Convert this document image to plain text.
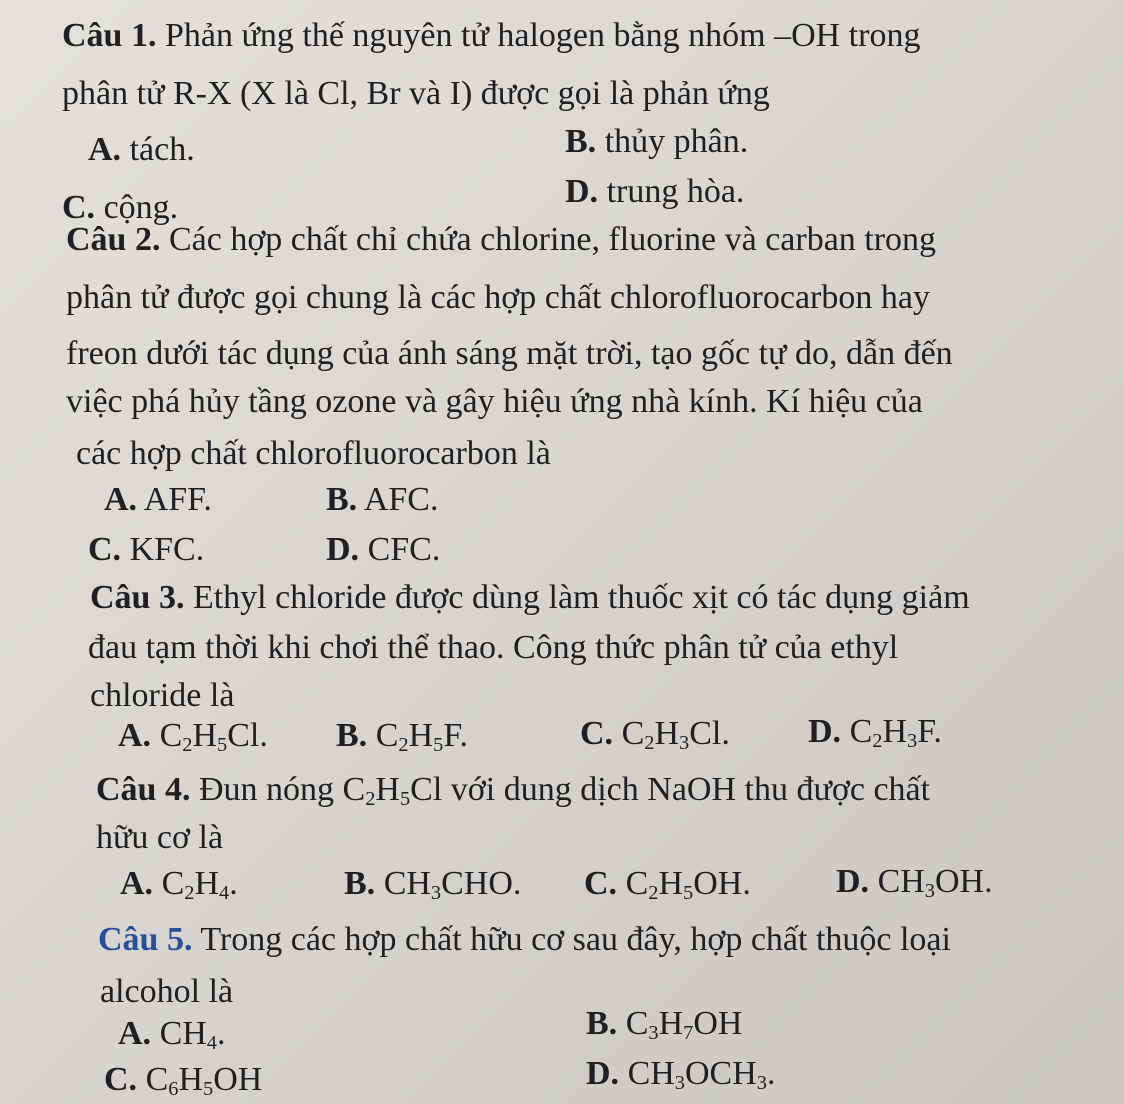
Câu 1. Phản ứng thế nguyên tử halogen bằng nhóm –OH trong
phân tử R-X (X là Cl, Br và I) được gọi là phản ứng
A. tách.	B. thủy phân.
C. cộng.	D. trung hòa.
Câu 2. Các hợp chất chỉ chứa chlorine, fluorine và carban trong
phân tử được gọi chung là các hợp chất chlorofluorocarbon hay
freon dưới tác dụng của ánh sáng mặt trời, tạo gốc tự do, dẫn đến
việc phá hủy tầng ozone và gây hiệu ứng nhà kính. Kí hiệu của
các hợp chất chlorofluorocarbon là
A. AFF.	B. AFC.
C. KFC.	D. CFC.
Câu 3. Ethyl chloride được dùng làm thuốc xịt có tác dụng giảm
đau tạm thời khi chơi thể thao. Công thức phân tử của ethyl
chloride là
A. $C_2H_5Cl$. B. $C_2H_5F$.	C. $C_2H_3Cl$. D. $C_2H_3F$.
Câu 4. Đun nóng $C_2H_5Cl$ với dung dịch NaOH thu được chất
hữu cơ là
A. $C_2H_4$.	B. $CH_3CHO$. C. $C_2H_5OH$.	D. $CH_3OH$.
Câu 5. Trong các hợp chất hữu cơ sau đây, hợp chất thuộc loại
alcohol là
A. $CH_4$.	B. $C_3H_7OH$
C. $C_6H_5OH$	D. $CH_3OCH_3$.
